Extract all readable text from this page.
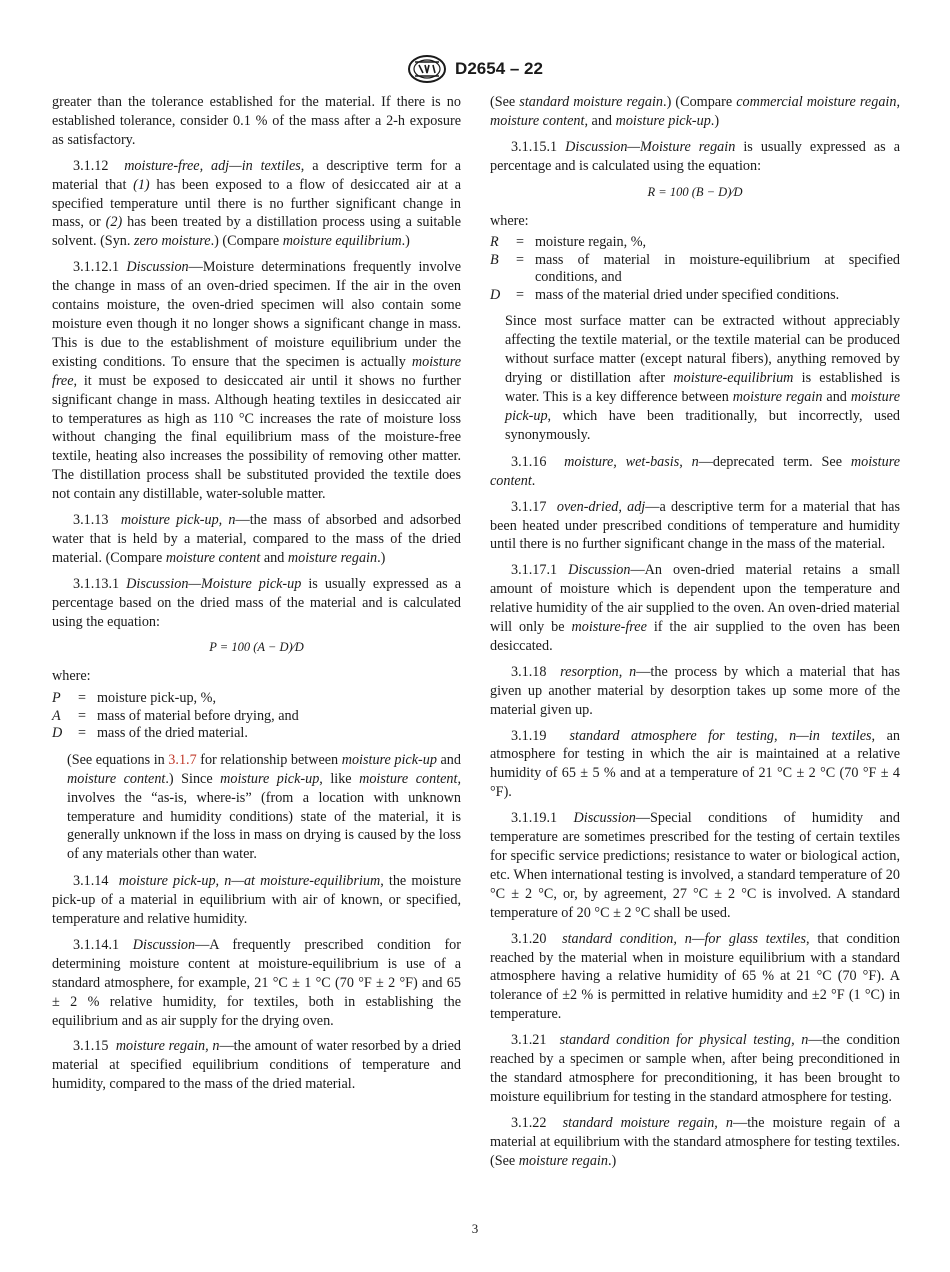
D2654 – 22

greater than the tolerance established for the material. If there is no established tolerance, consider 0.1 % of the mass after a 2-h exposure as satisfactory.

3.1.12 moisture-free, adj—in textiles, a descriptive term for a material that (1) has been exposed to a flow of desiccated air at a specified temperature until there is no further significant change in mass, or (2) has been treated by a distillation process using a suitable solvent. (Syn. zero moisture.) (Compare moisture equilibrium.)

3.1.12.1 Discussion—Moisture determinations frequently involve the change in mass of an oven-dried specimen. If the air in the oven contains moisture, the oven-dried specimen will also contain some moisture even though it no longer shows a significant change in mass. This is due to the establishment of moisture equilibrium under the existing conditions. To ensure that the specimen is actually moisture free, it must be exposed to desiccated air until it shows no further significant change in mass. Although heating textiles in desiccated air to temperatures as high as 110 °C increases the rate of moisture loss without changing the final equilibrium mass of the moisture-free textile, heating also increases the possibility of removing other matter. The distillation process shall be substituted provided the textile does not contain any distillable, water-soluble matter.

3.1.13 moisture pick-up, n—the mass of absorbed and adsorbed water that is held by a material, compared to the mass of the dried material. (Compare moisture content and moisture regain.)

3.1.13.1 Discussion—Moisture pick-up is usually expressed as a percentage based on the dried mass of the material and is calculated using the equation:

P = 100 (A − D)⁄D
where:
P	=	moisture pick-up, %,
A	=	mass of material before drying, and
D	=	mass of the dried material.
(See equations in 3.1.7 for relationship between moisture pick-up and moisture content.) Since moisture pick-up, like moisture content, involves the “as-is, where-is” (from a location with unknown temperature and humidity conditions) state of the material, it is generally unknown if the loss in mass on drying is caused by the loss of any materials other than water.

3.1.14 moisture pick-up, n—at moisture-equilibrium, the moisture pick-up of a material in equilibrium with air of known, or specified, temperature and relative humidity.

3.1.14.1 Discussion—A frequently prescribed condition for determining moisture content at moisture-equilibrium is use of a standard atmosphere, for example, 21 °C ± 1 °C (70 °F ± 2 °F) and 65 ± 2 % relative humidity, for textiles, both in establishing the equilibrium and as air supply for the drying oven.

3.1.15 moisture regain, n—the amount of water resorbed by a dried material at specified equilibrium conditions of temperature and humidity, compared to the mass of the dried material.

(See standard moisture regain.) (Compare commercial moisture regain, moisture content, and moisture pick-up.)

3.1.15.1 Discussion—Moisture regain is usually expressed as a percentage and is calculated using the equation:

R = 100 (B − D)⁄D
where:
R	=	moisture regain, %,
B	=	mass of material in moisture-equilibrium at specified conditions, and
D	=	mass of the material dried under specified conditions.
Since most surface matter can be extracted without appreciably affecting the textile material, or the textile material can be produced without surface matter (except natural fibers), anything removed by drying or distillation after moisture-equilibrium is established is water. This is a key difference between moisture regain and moisture pick-up, which have been traditionally, but incorrectly, used synonymously.

3.1.16 moisture, wet-basis, n—deprecated term. See moisture content.

3.1.17 oven-dried, adj—a descriptive term for a material that has been heated under prescribed conditions of temperature and humidity until there is no further significant change in the mass of the material.

3.1.17.1 Discussion—An oven-dried material retains a small amount of moisture which is dependent upon the temperature and relative humidity of the air supplied to the oven. An oven-dried material will only be moisture-free if the air supplied to the oven has been desiccated.

3.1.18 resorption, n—the process by which a material that has given up another material by desorption takes up some more of the material given up.

3.1.19 standard atmosphere for testing, n—in textiles, an atmosphere for testing in which the air is maintained at a relative humidity of 65 ± 5 % and at a temperature of 21 °C ± 2 °C (70 °F ± 4 °F).

3.1.19.1 Discussion—Special conditions of humidity and temperature are sometimes prescribed for the testing of certain textiles for specific service predictions; resistance to water or biological action, etc. When international testing is involved, a standard temperature of 20 °C ± 2 °C, or, by agreement, 27 °C ± 2 °C is involved. A standard temperature of 20 °C ± 2 °C shall be used.

3.1.20 standard condition, n—for glass textiles, that condition reached by the material when in moisture equilibrium with a standard atmosphere having a relative humidity of 65 % at 21 °C (70 °F). A tolerance of ±2 % is permitted in relative humidity and ±2 °F (1 °C) in temperature.

3.1.21 standard condition for physical testing, n—the condition reached by a specimen or sample when, after being preconditioned in the standard atmosphere for preconditioning, it has been brought to moisture equilibrium for testing in the standard atmosphere for testing.

3.1.22 standard moisture regain, n—the moisture regain of a material at equilibrium with the standard atmosphere for testing textiles. (See moisture regain.)

3
